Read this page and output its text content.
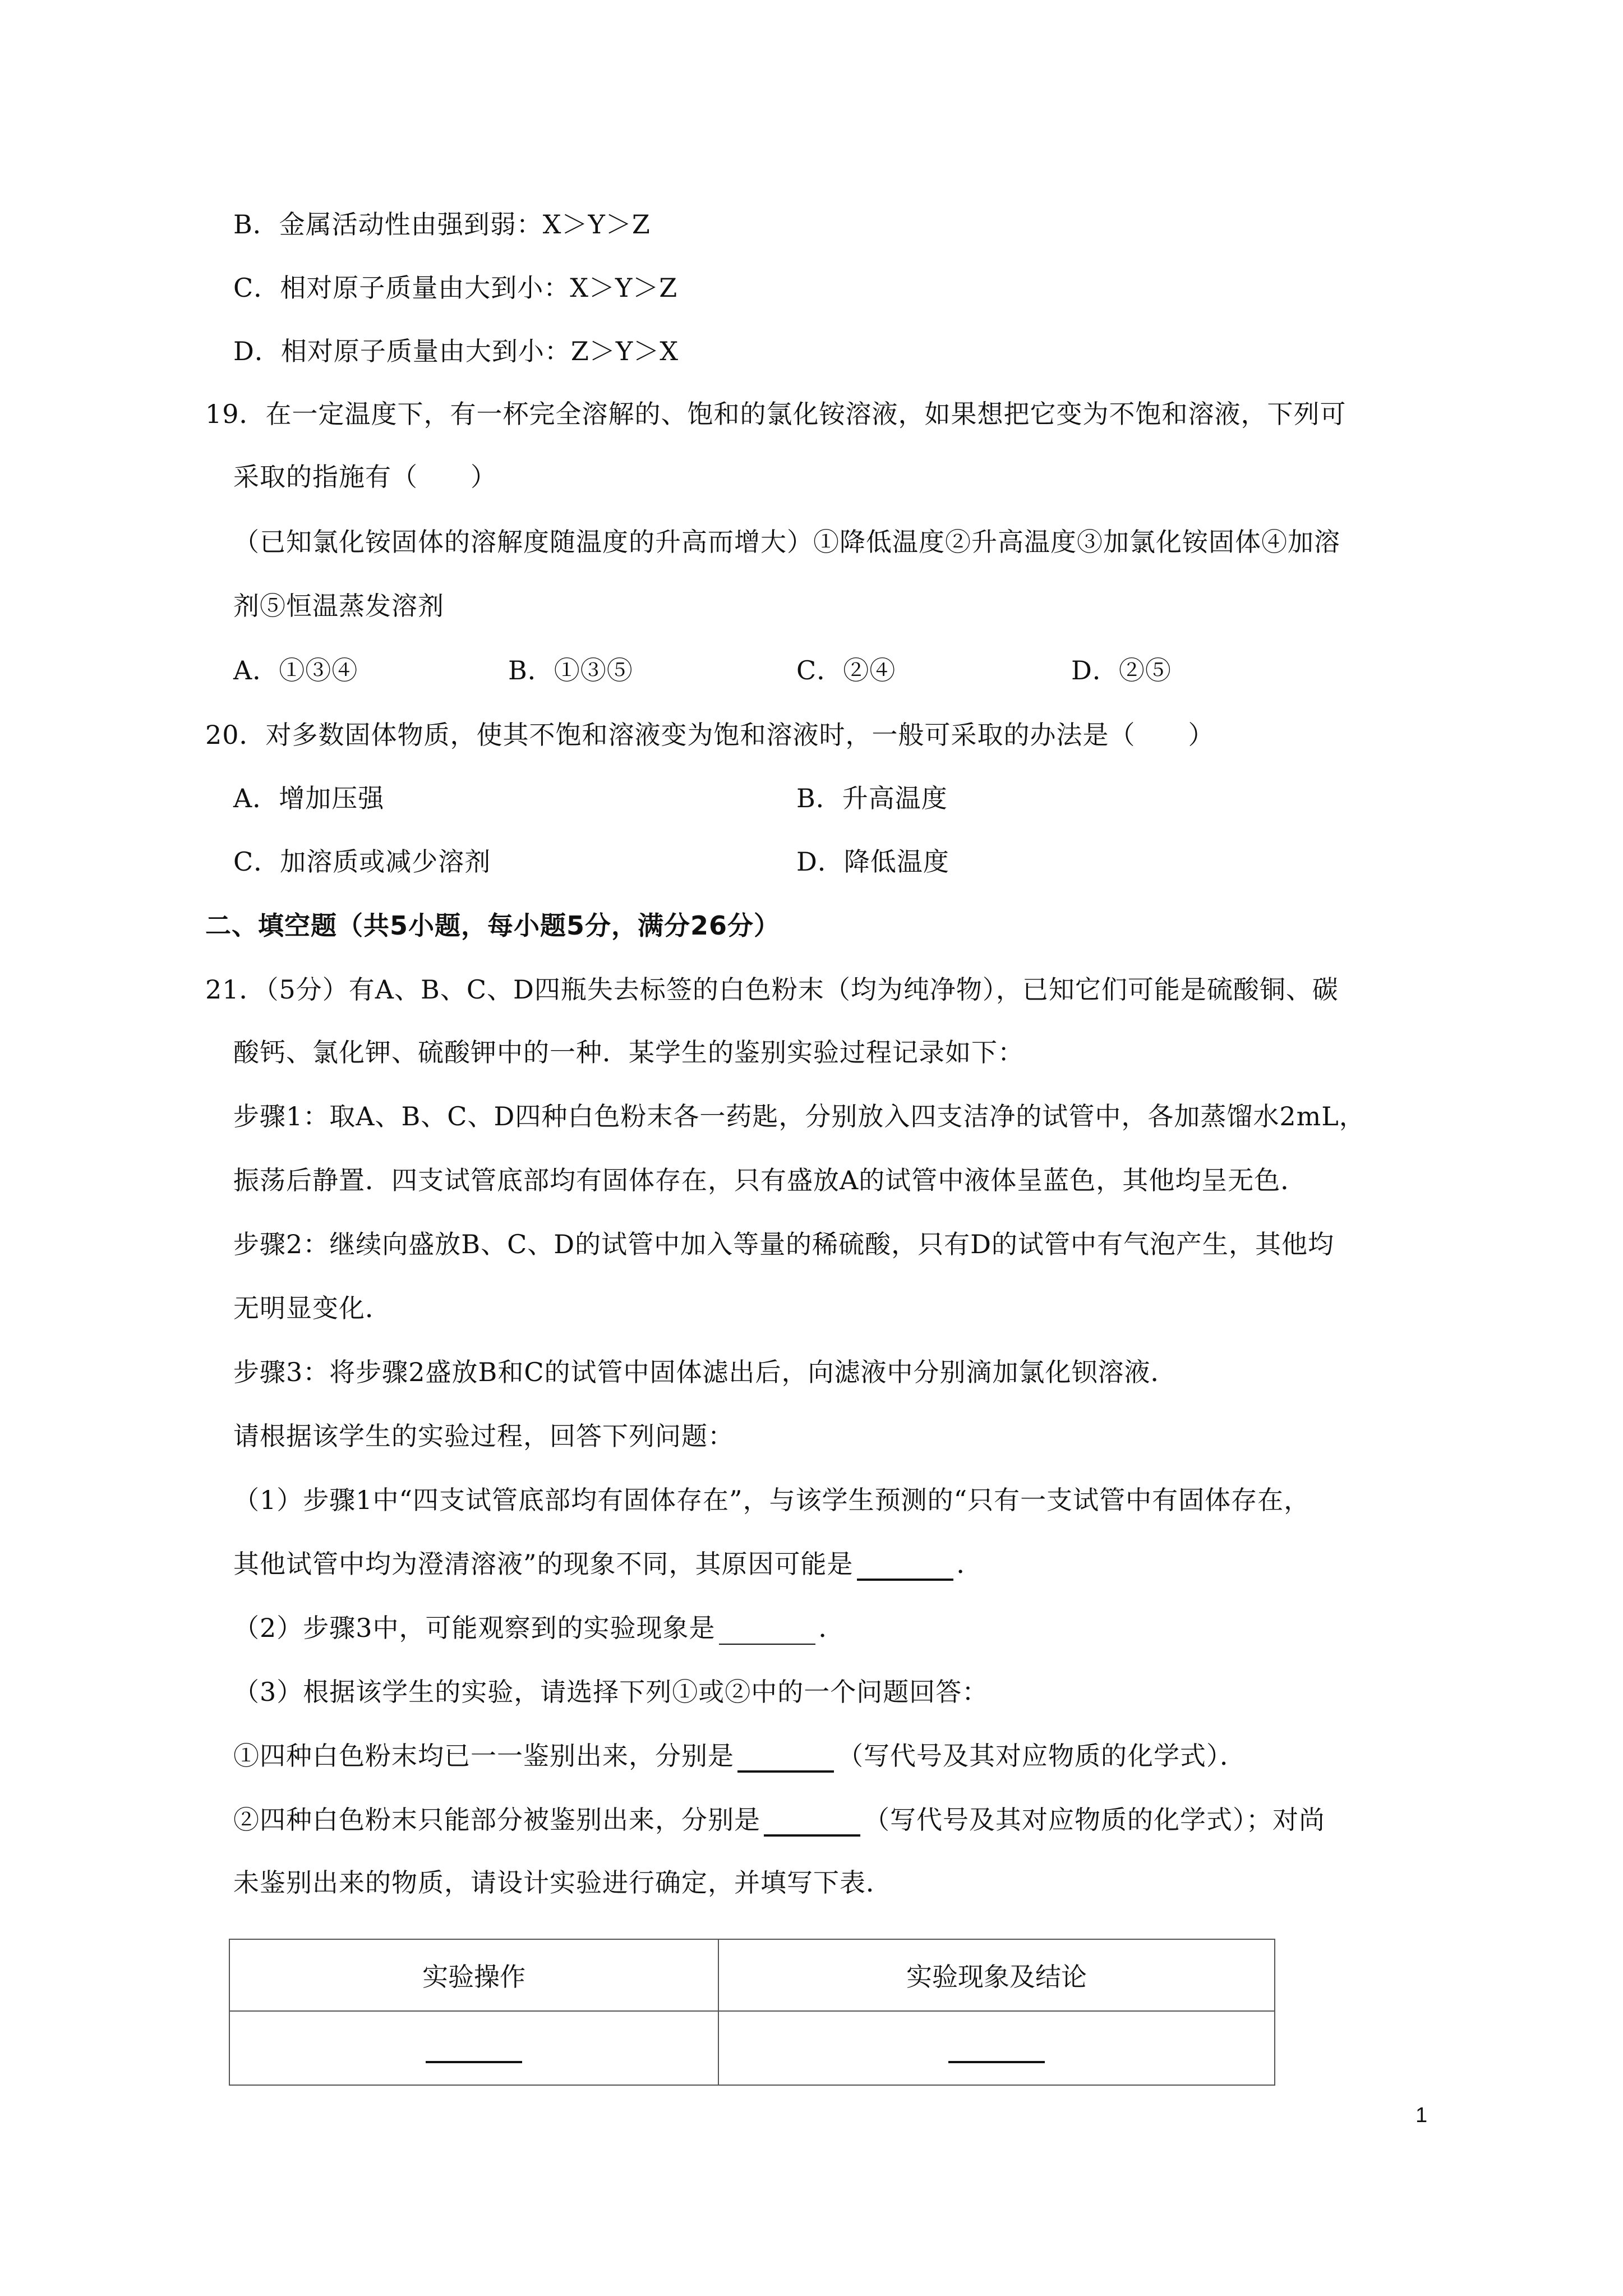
B．金属活动性由强到弱：X＞Y＞Z
C．相对原子质量由大到小：X＞Y＞Z
D．相对原子质量由大到小：Z＞Y＞X
19．在一定温度下，有一杯完全溶解的、饱和的氯化铵溶液，如果想把它变为不饱和溶液，下列可
采取的指施有（　　）
（已知氯化铵固体的溶解度随温度的升高而增大）①降低温度②升高温度③加氯化铵固体④加溶
剂⑤恒温蒸发溶剂
A．①③④	B．①③⑤	C．②④	D．②⑤
20．对多数固体物质，使其不饱和溶液变为饱和溶液时，一般可采取的办法是（　　）
A．增加压强	B．升高温度
C．加溶质或减少溶剂	D．降低温度
二、填空题（共5小题，每小题5分，满分26分）
21．（5分）有A、B、C、D四瓶失去标签的白色粉末（均为纯净物），已知它们可能是硫酸铜、碳
酸钙、氯化钾、硫酸钾中的一种．某学生的鉴别实验过程记录如下：
步骤1：取A、B、C、D四种白色粉末各一药匙，分别放入四支洁净的试管中，各加蒸馏水2mL，
振荡后静置．四支试管底部均有固体存在，只有盛放A的试管中液体呈蓝色，其他均呈无色．
步骤2：继续向盛放B、C、D的试管中加入等量的稀硫酸，只有D的试管中有气泡产生，其他均
无明显变化．
步骤3：将步骤2盛放B和C的试管中固体滤出后，向滤液中分别滴加氯化钡溶液．
请根据该学生的实验过程，回答下列问题：
（1）步骤1中“四支试管底部均有固体存在”，与该学生预测的“只有一支试管中有固体存在，
其他试管中均为澄清溶液”的现象不同，其原因可能是	．
（2）步骤3中，可能观察到的实验现象是	．
（3）根据该学生的实验，请选择下列①或②中的一个问题回答：
①四种白色粉末均已一一鉴别出来，分别是	（写代号及其对应物质的化学式）．
②四种白色粉末只能部分被鉴别出来，分别是	（写代号及其对应物质的化学式）；对尚
未鉴别出来的物质，请设计实验进行确定，并填写下表．
实验操作	实验现象及结论

1
